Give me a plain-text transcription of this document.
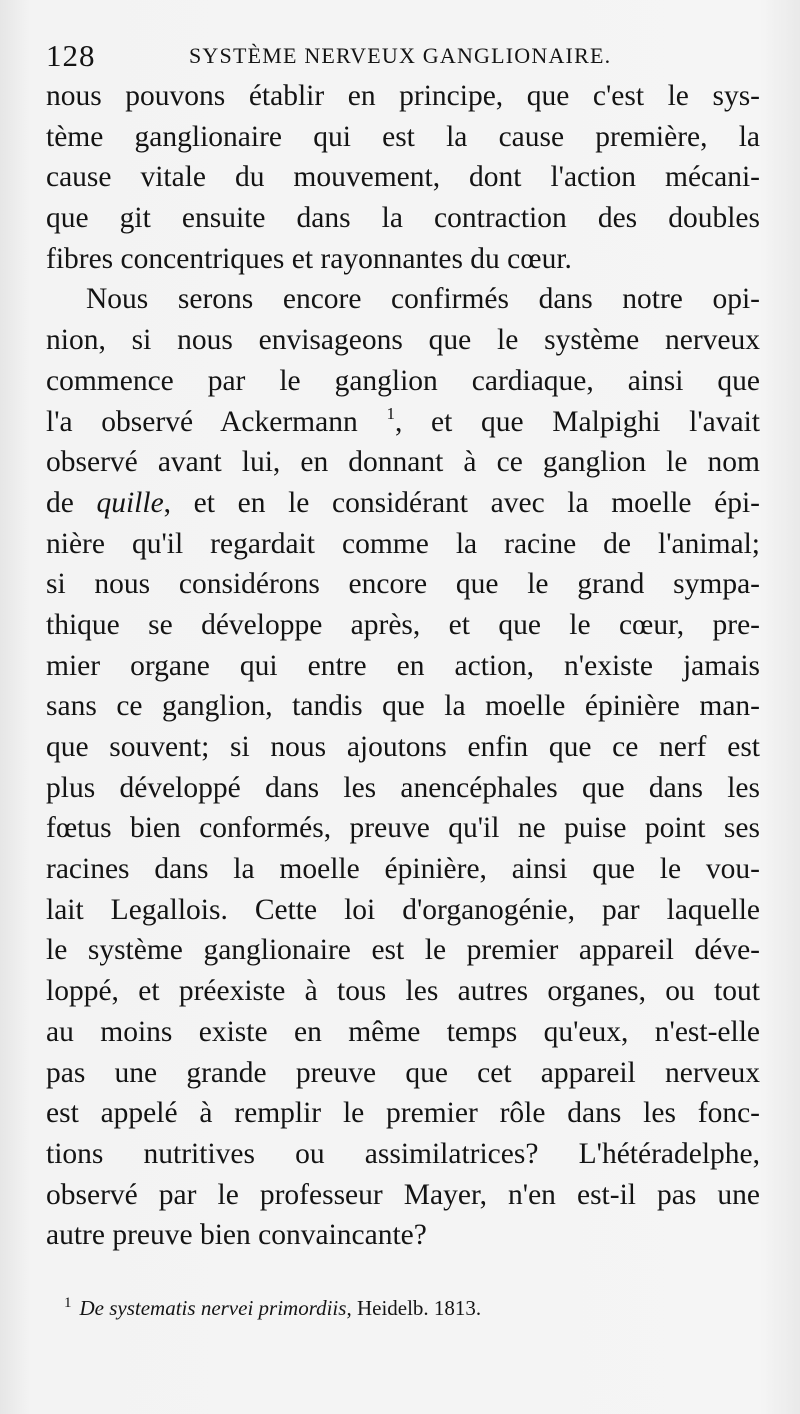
128	SYSTÈME NERVEUX GANGLIONAIRE.
nous pouvons établir en principe, que c'est le sys-
tème ganglionaire qui est la cause première, la
cause vitale du mouvement, dont l'action mécani-
que git ensuite dans la contraction des doubles
fibres concentriques et rayonnantes du cœur.
Nous serons encore confirmés dans notre opi-
nion, si nous envisageons que le système nerveux
commence par le ganglion cardiaque, ainsi que
l'a observé Ackermann $^1$, et que Malpighi l'avait
observé avant lui, en donnant à ce ganglion le nom
de quille, et en le considérant avec la moelle épi-
nière qu'il regardait comme la racine de l'animal;
si nous considérons encore que le grand sympa-
thique se développe après, et que le cœur, pre-
mier organe qui entre en action, n'existe jamais
sans ce ganglion, tandis que la moelle épinière man-
que souvent; si nous ajoutons enfin que ce nerf est
plus développé dans les anencéphales que dans les
fœtus bien conformés, preuve qu'il ne puise point ses
racines dans la moelle épinière, ainsi que le vou-
lait Legallois. Cette loi d'organogénie, par laquelle
le système ganglionaire est le premier appareil déve-
loppé, et préexiste à tous les autres organes, ou tout
au moins existe en même temps qu'eux, n'est-elle
pas une grande preuve que cet appareil nerveux
est appelé à remplir le premier rôle dans les fonc-
tions nutritives ou assimilatrices? L'hétéradelphe,
observé par le professeur Mayer, n'en est-il pas une
autre preuve bien convaincante?
$^1$ De systematis nervei primordiis, Heidelb. 1813.
